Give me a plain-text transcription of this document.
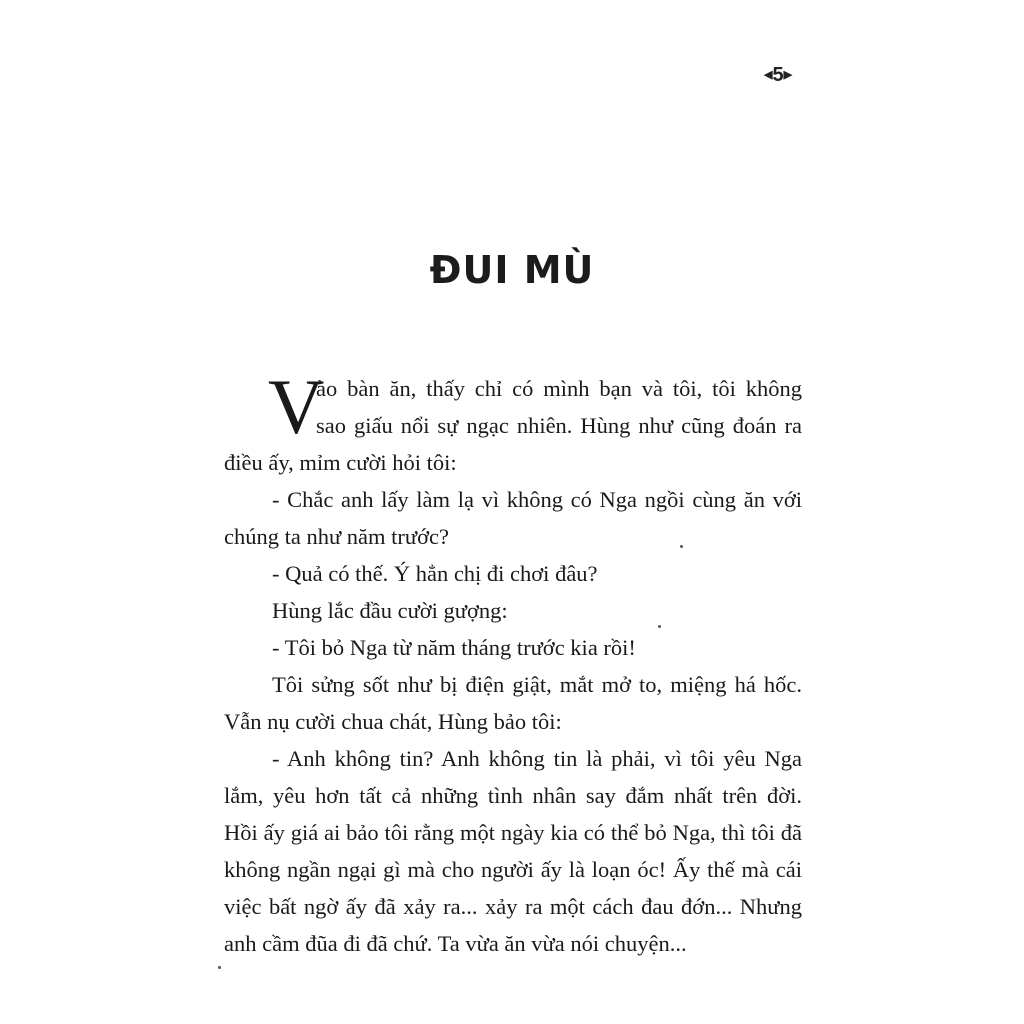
◀5▶
ĐUI MÙ
V
ào bàn ăn, thấy chỉ có mình bạn và tôi, tôi không
sao giấu nổi sự ngạc nhiên. Hùng như cũng đoán ra
điều ấy, mỉm cười hỏi tôi:
- Chắc anh lấy làm lạ vì không có Nga ngồi cùng ăn với
chúng ta như năm trước?
- Quả có thế. Ý hẳn chị đi chơi đâu?
Hùng lắc đầu cười gượng:
- Tôi bỏ Nga từ năm tháng trước kia rồi!
Tôi sửng sốt như bị điện giật, mắt mở to, miệng há hốc.
Vẫn nụ cười chua chát, Hùng bảo tôi:
- Anh không tin? Anh không tin là phải, vì tôi yêu Nga
lắm, yêu hơn tất cả những tình nhân say đắm nhất trên đời.
Hồi ấy giá ai bảo tôi rằng một ngày kia có thể bỏ Nga, thì tôi đã
không ngần ngại gì mà cho người ấy là loạn óc! Ấy thế mà cái
việc bất ngờ ấy đã xảy ra... xảy ra một cách đau đớn... Nhưng
anh cầm đũa đi đã chứ. Ta vừa ăn vừa nói chuyện...
